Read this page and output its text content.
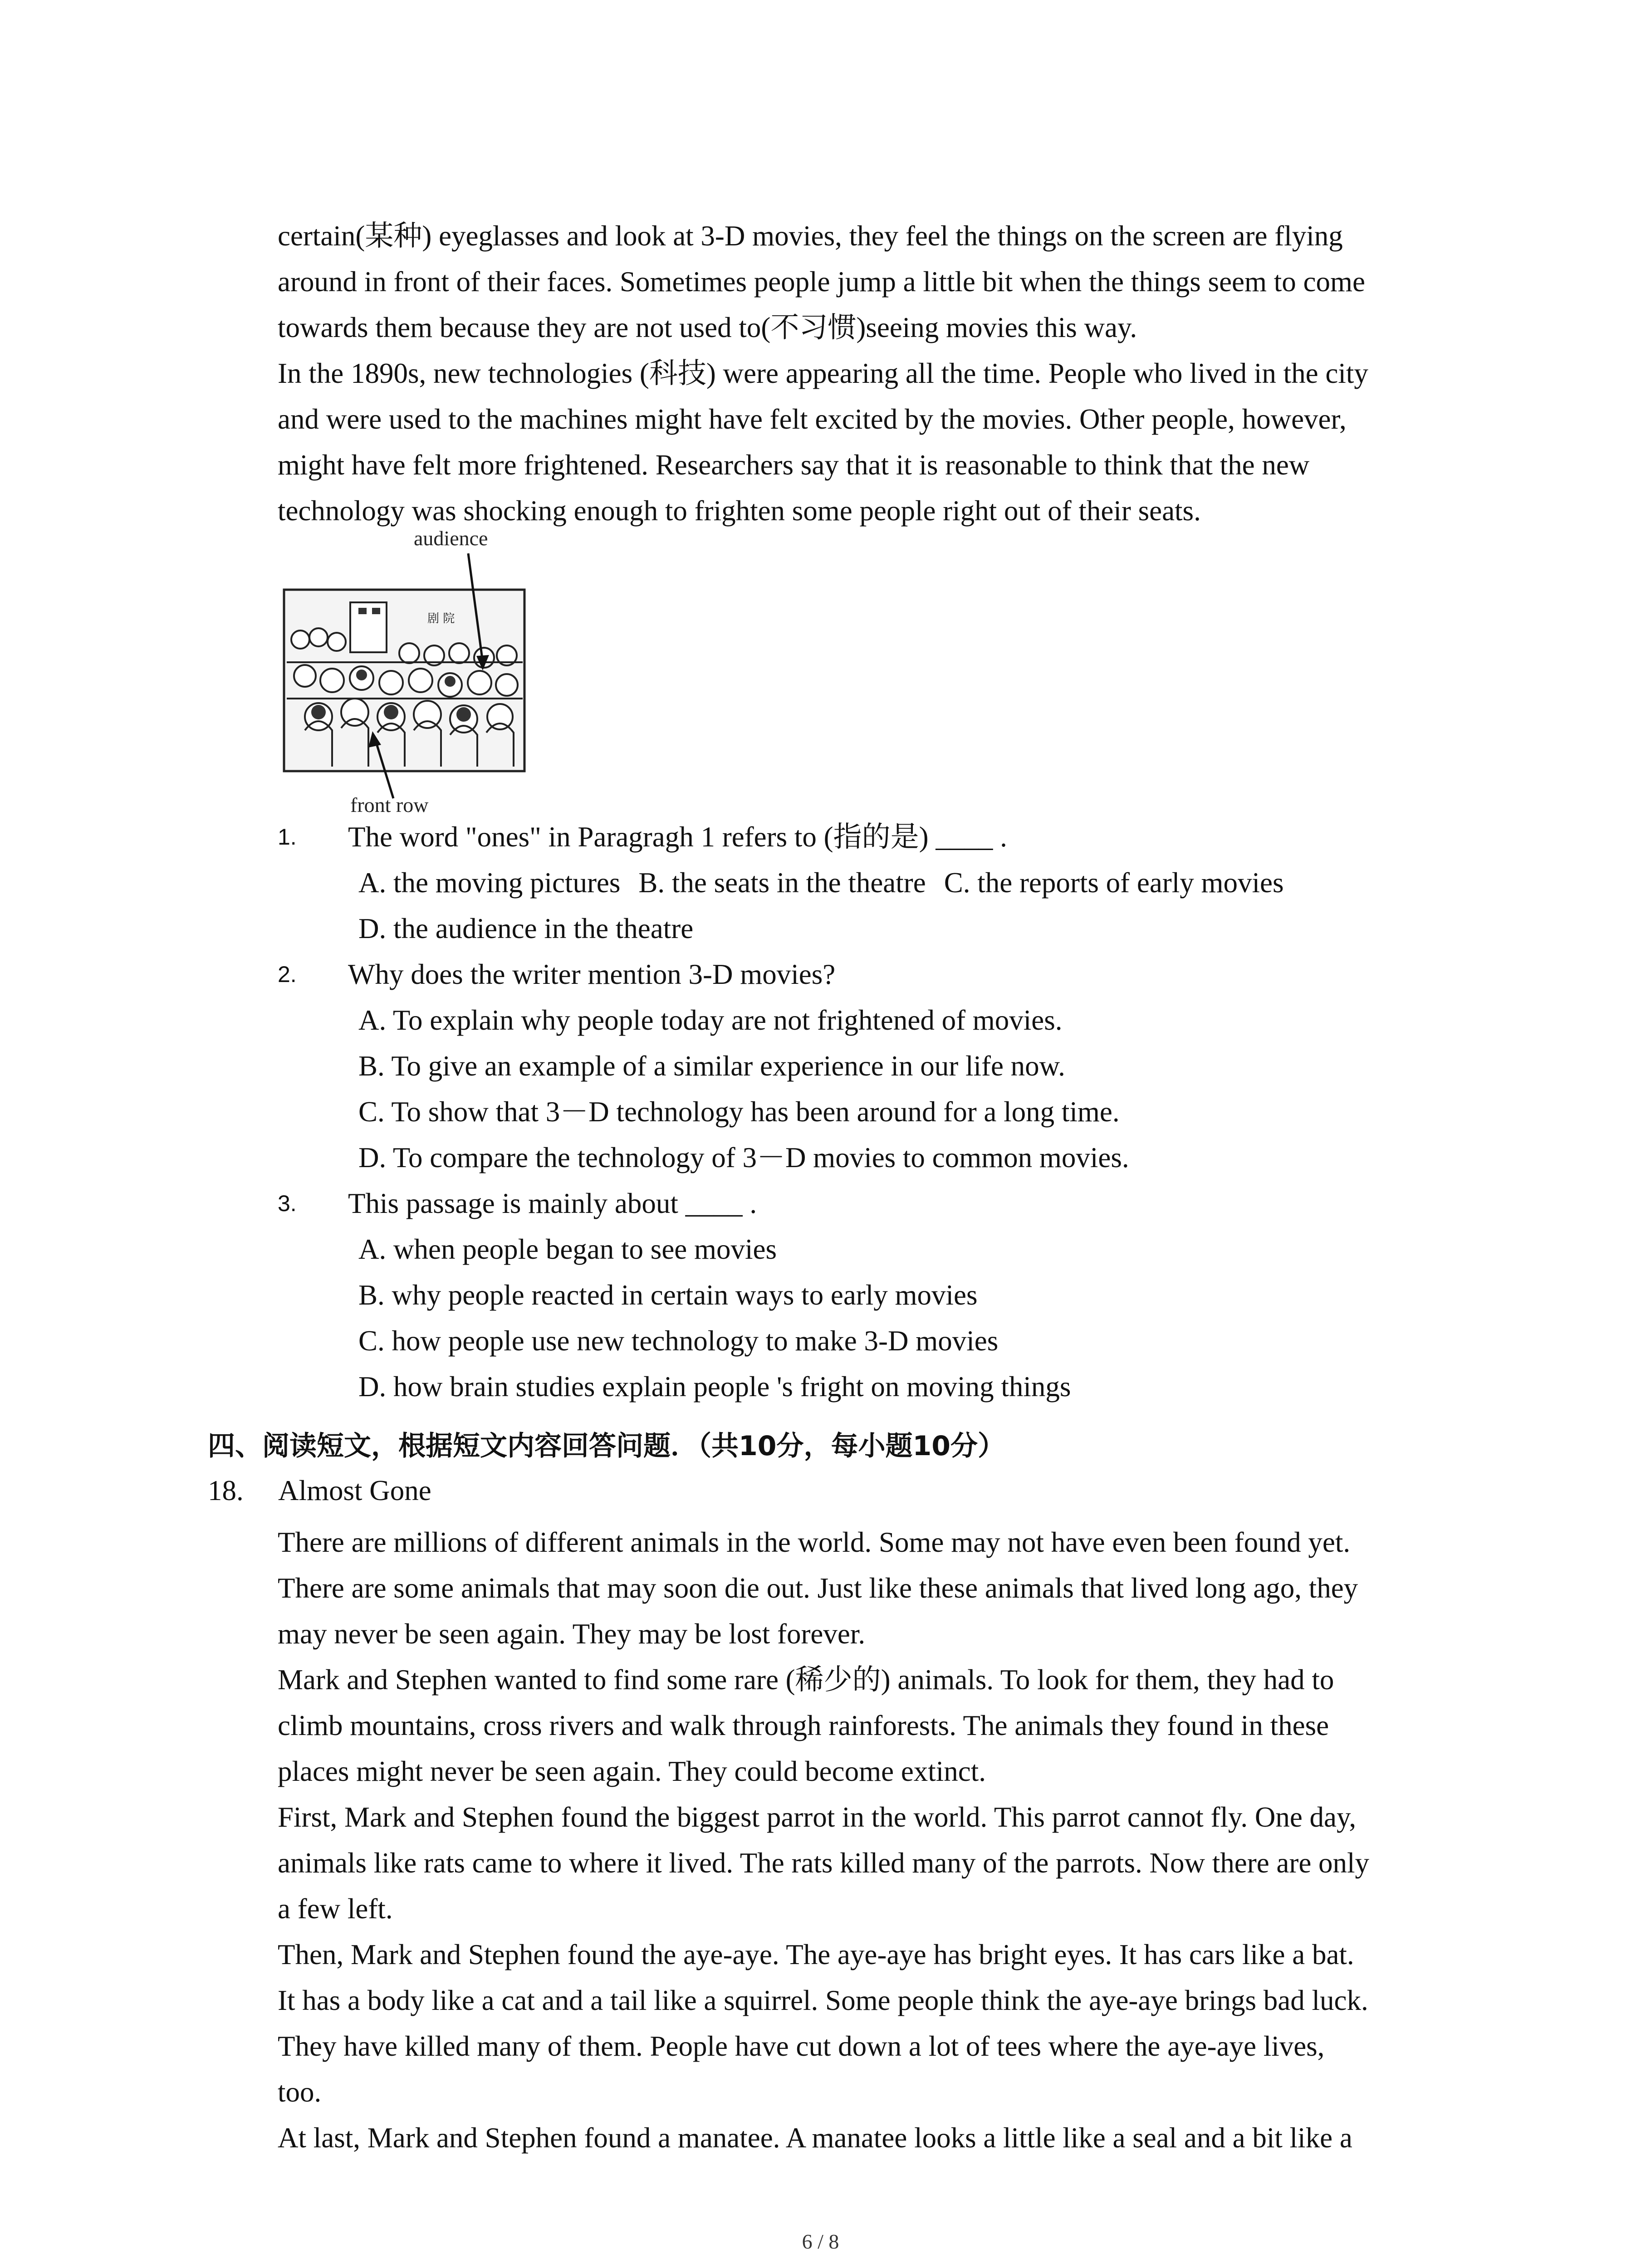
certain(某种) eyeglasses and look at 3-D movies, they feel the things on the screen are flying
around in front of their faces. Sometimes people jump a little bit when the things seem to come
towards them because they are not used to(不习惯)seeing movies this way.
In the 1890s, new technologies (科技) were appearing all the time. People who lived in the city
and were used to the machines might have felt excited by the movies. Other people, however,
might have felt more frightened. Researchers say that it is reasonable to think that the new
technology was shocking enough to frighten some people right out of their seats.
audience
剧 院
front row
1. The word "ones" in Paragragh 1 refers to (指的是) ____ .
A. the moving pictures B. the seats in the theatre C. the reports of early movies
D. the audience in the theatre
2. Why does the writer mention 3-D movies?
A. To explain why people today are not frightened of movies.
B. To give an example of a similar experience in our life now.
C. To show that 3－D technology has been around for a long time.
D. To compare the technology of 3－D movies to common movies.
3. This passage is mainly about ____ .
A. when people began to see movies
B. why people reacted in certain ways to early movies
C. how people use new technology to make 3-D movies
D. how brain studies explain people 's fright on moving things
四、阅读短文，根据短文内容回答问题．（共10分，每小题10分）
18. Almost Gone
There are millions of different animals in the world. Some may not have even been found yet.
There are some animals that may soon die out. Just like these animals that lived long ago, they
may never be seen again. They may be lost forever.
Mark and Stephen wanted to find some rare (稀少的) animals. To look for them, they had to
climb mountains, cross rivers and walk through rainforests. The animals they found in these
places might never be seen again. They could become extinct.
First, Mark and Stephen found the biggest parrot in the world. This parrot cannot fly. One day,
animals like rats came to where it lived. The rats killed many of the parrots. Now there are only
a few left.
Then, Mark and Stephen found the aye-aye. The aye-aye has bright eyes. It has cars like a bat.
It has a body like a cat and a tail like a squirrel. Some people think the aye-aye brings bad luck.
They have killed many of them. People have cut down a lot of tees where the aye-aye lives,
too.
At last, Mark and Stephen found a manatee. A manatee looks a little like a seal and a bit like a
6 / 8
